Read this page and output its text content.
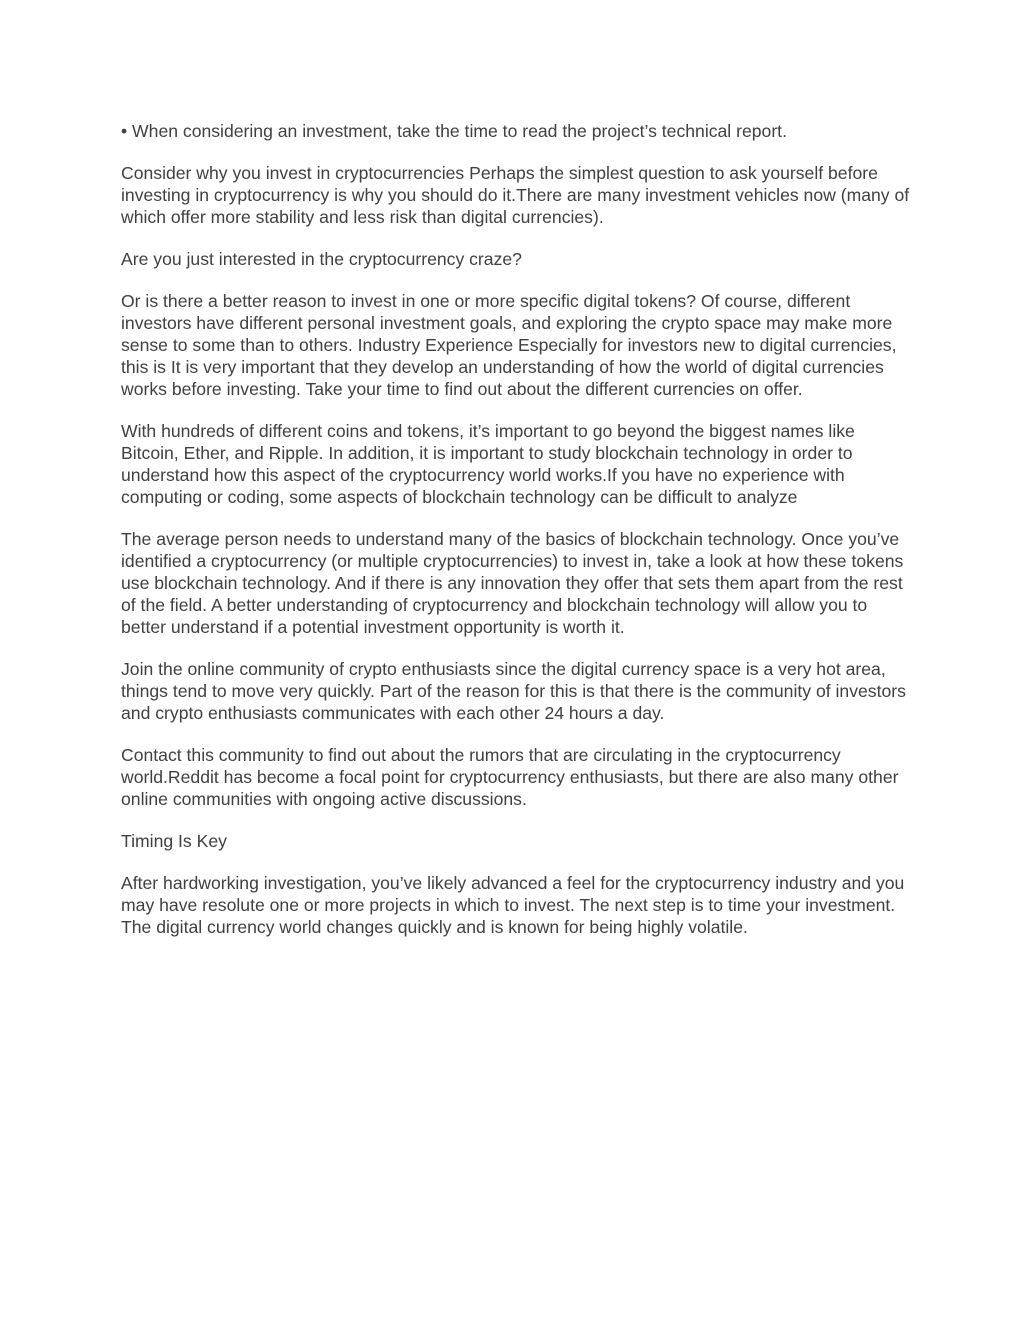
• When considering an investment, take the time to read the project’s technical report.

Consider why you invest in cryptocurrencies Perhaps the simplest question to ask yourself before investing in cryptocurrency is why you should do it.There are many investment vehicles now (many of which offer more stability and less risk than digital currencies).

Are you just interested in the cryptocurrency craze?

Or is there a better reason to invest in one or more specific digital tokens? Of course, different investors have different personal investment goals, and exploring the crypto space may make more sense to some than to others. Industry Experience Especially for investors new to digital currencies, this is It is very important that they develop an understanding of how the world of digital currencies works before investing. Take your time to find out about the different currencies on offer.

With hundreds of different coins and tokens, it’s important to go beyond the biggest names like Bitcoin, Ether, and Ripple. In addition, it is important to study blockchain technology in order to understand how this aspect of the cryptocurrency world works.If you have no experience with computing or coding, some aspects of blockchain technology can be difficult to analyze

The average person needs to understand many of the basics of blockchain technology. Once you’ve identified a cryptocurrency (or multiple cryptocurrencies) to invest in, take a look at how these tokens use blockchain technology. And if there is any innovation they offer that sets them apart from the rest of the field. A better understanding of cryptocurrency and blockchain technology will allow you to better understand if a potential investment opportunity is worth it.

Join the online community of crypto enthusiasts since the digital currency space is a very hot area, things tend to move very quickly. Part of the reason for this is that there is the community of investors and crypto enthusiasts communicates with each other 24 hours a day.

Contact this community to find out about the rumors that are circulating in the cryptocurrency world.Reddit has become a focal point for cryptocurrency enthusiasts, but there are also many other online communities with ongoing active discussions.

Timing Is Key

After hardworking investigation, you’ve likely advanced a feel for the cryptocurrency industry and you may have resolute one or more projects in which to invest. The next step is to time your investment. The digital currency world changes quickly and is known for being highly volatile.
